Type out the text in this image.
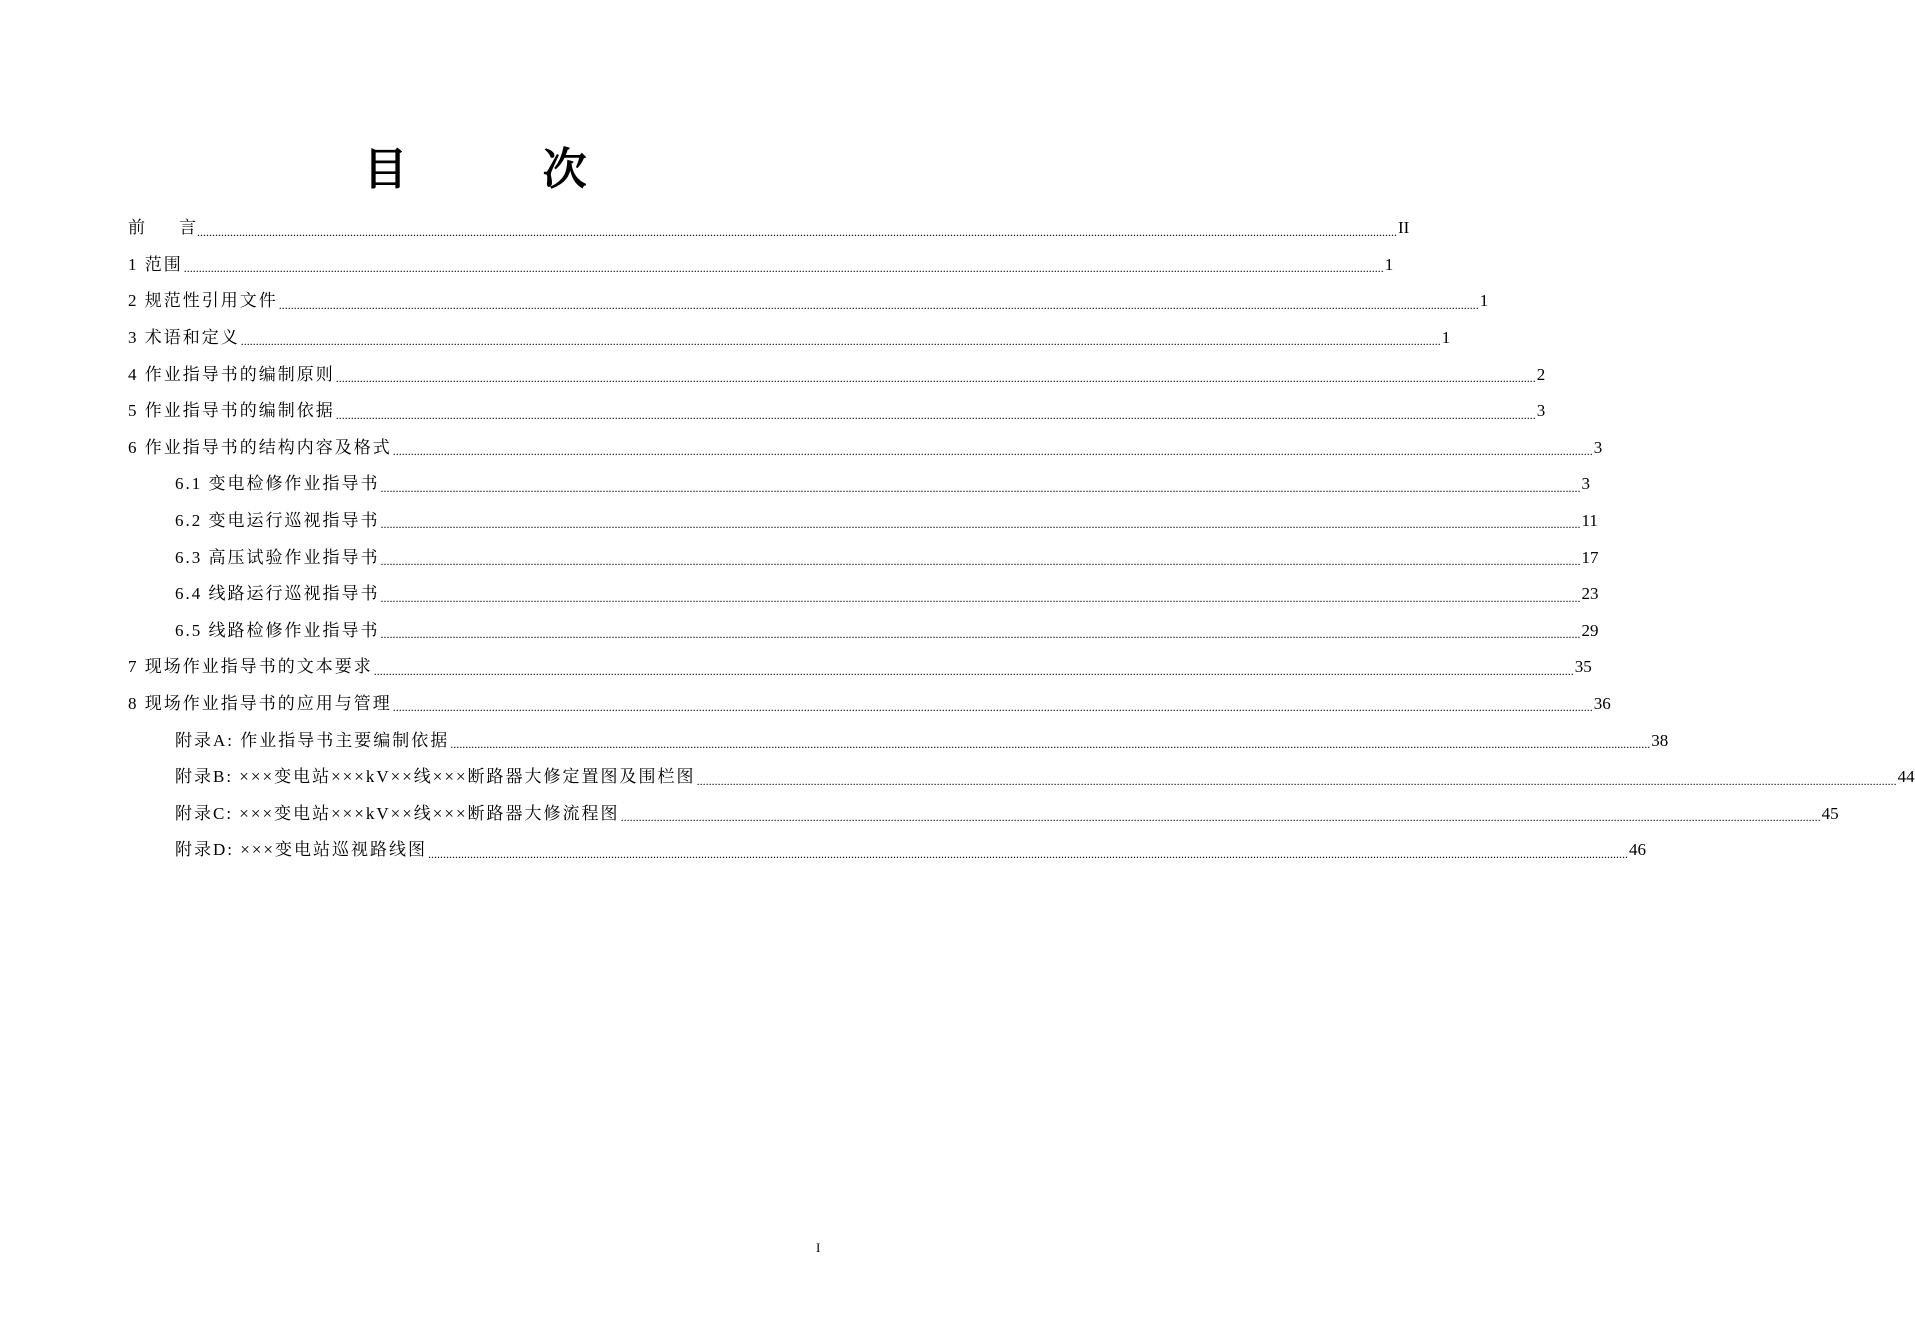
目 次
前　　言 ................................................................................................................................................................................................................................................................................................................................................................................................................ II
1 范围 ................................................................................................................................................................................................................................................................................................................................................................................................................ 1
2 规范性引用文件 ................................................................................................................................................................................................................................................................................................................................................................................................................ 1
3 术语和定义 ................................................................................................................................................................................................................................................................................................................................................................................................................ 1
4 作业指导书的编制原则 ................................................................................................................................................................................................................................................................................................................................................................................................................ 2
5 作业指导书的编制依据 ................................................................................................................................................................................................................................................................................................................................................................................................................ 3
6 作业指导书的结构内容及格式 ................................................................................................................................................................................................................................................................................................................................................................................................................ 3
6.1 变电检修作业指导书 ................................................................................................................................................................................................................................................................................................................................................................................................................ 3
6.2 变电运行巡视指导书 ................................................................................................................................................................................................................................................................................................................................................................................................................ 11
6.3 高压试验作业指导书 ................................................................................................................................................................................................................................................................................................................................................................................................................ 17
6.4 线路运行巡视指导书 ................................................................................................................................................................................................................................................................................................................................................................................................................ 23
6.5 线路检修作业指导书 ................................................................................................................................................................................................................................................................................................................................................................................................................ 29
7 现场作业指导书的文本要求 ................................................................................................................................................................................................................................................................................................................................................................................................................ 35
8 现场作业指导书的应用与管理 ................................................................................................................................................................................................................................................................................................................................................................................................................ 36
附录A: 作业指导书主要编制依据 ................................................................................................................................................................................................................................................................................................................................................................................................................ 38
附录B: ×××变电站×××kV××线×××断路器大修定置图及围栏图 ................................................................................................................................................................................................................................................................................................................................................................................................................ 44
附录C: ×××变电站×××kV××线×××断路器大修流程图 ................................................................................................................................................................................................................................................................................................................................................................................................................ 45
附录D: ×××变电站巡视路线图 ................................................................................................................................................................................................................................................................................................................................................................................................................ 46
I
